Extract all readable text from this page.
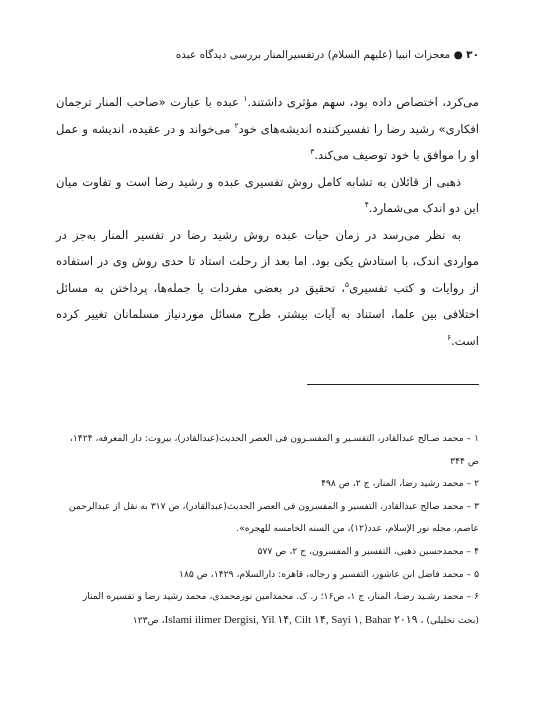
۳۰ ● معجزات انبیا (علیهم السلام) درتفسیرالمنار بررسی دیدگاه عبده

می‌کرد، اختصاص داده بود، سهم مؤثری داشتند.$^۱$ عبده با عبارت «صاحب المنار ترجمان افکاری» رشید رضا را تفسیرکننده اندیشه‌های خود$^۲$ می‌خواند و در عقیده، اندیشه و عمل او را موافق با خود توصیف می‌کند.$^۳$

ذهبی از قائلان به تشابه کامل روش تفسیری عبده و رشید رضا است و تفاوت میان این دو اندک می‌شمارد.$^۴$

به نظر می‌رسد در زمان حیات عبده روش رشید رضا در تفسیر المنار به‌جز در مواردی اندک، با استادش یکی بود. اما بعد از رحلت استاد تا حدی روش وی در استفاده از روایات و کتب تفسیری$^۵$، تحقیق در بعضی مفردات یا جمله‌ها، پرداختن به مسائل اختلافی بین علما، استناد به آیات بیشتر، طرح مسائل موردنیاز مسلمانان تغییر کرده است.$^۶$

۱ – محمد صـالح عبدالقادر، التفسـیر و المفسـرون فی العصر الحدیث(عبدالقادر)، بیروت: دار المعرفه، ۱۴۲۴، ص ۳۴۴

۲ – محمد رشید رضا، المنار، ج ۲، ص ۴۹۸

۳ – محمد صالح عبدالقادر، التفسیر و المفسرون فی العصر الحدیث(عبدالقادر)، ص ۳۱۷ به نقل از عبدالرحمن عاصم، مجله نور الإسلام، عدد(۱۲)، من السنه الخامسه للهجره».

۴ – محمدحسین ذهبی، التفسیر و المفسرون، ج ۲، ص ۵۷۷

۵ – محمد فاضل ابن عاشور، التفسیر و رجاله، قاهره: دارالسلام، ۱۴۲۹، ص ۱۸۵

۶ – محمد رشـید رضـا، المنار، ج ۱، ص۱۶؛ ر. ک. محمدامین نورمحمدی، محمد رشید رضا و تفسیره المنار

(بحث تحلیلی) ، Islami ilimer Dergisi, Yil ۱۴, Cilt ۱۴, Sayi ۱, Bahar ۲۰۱۹، ص۱۲۳
